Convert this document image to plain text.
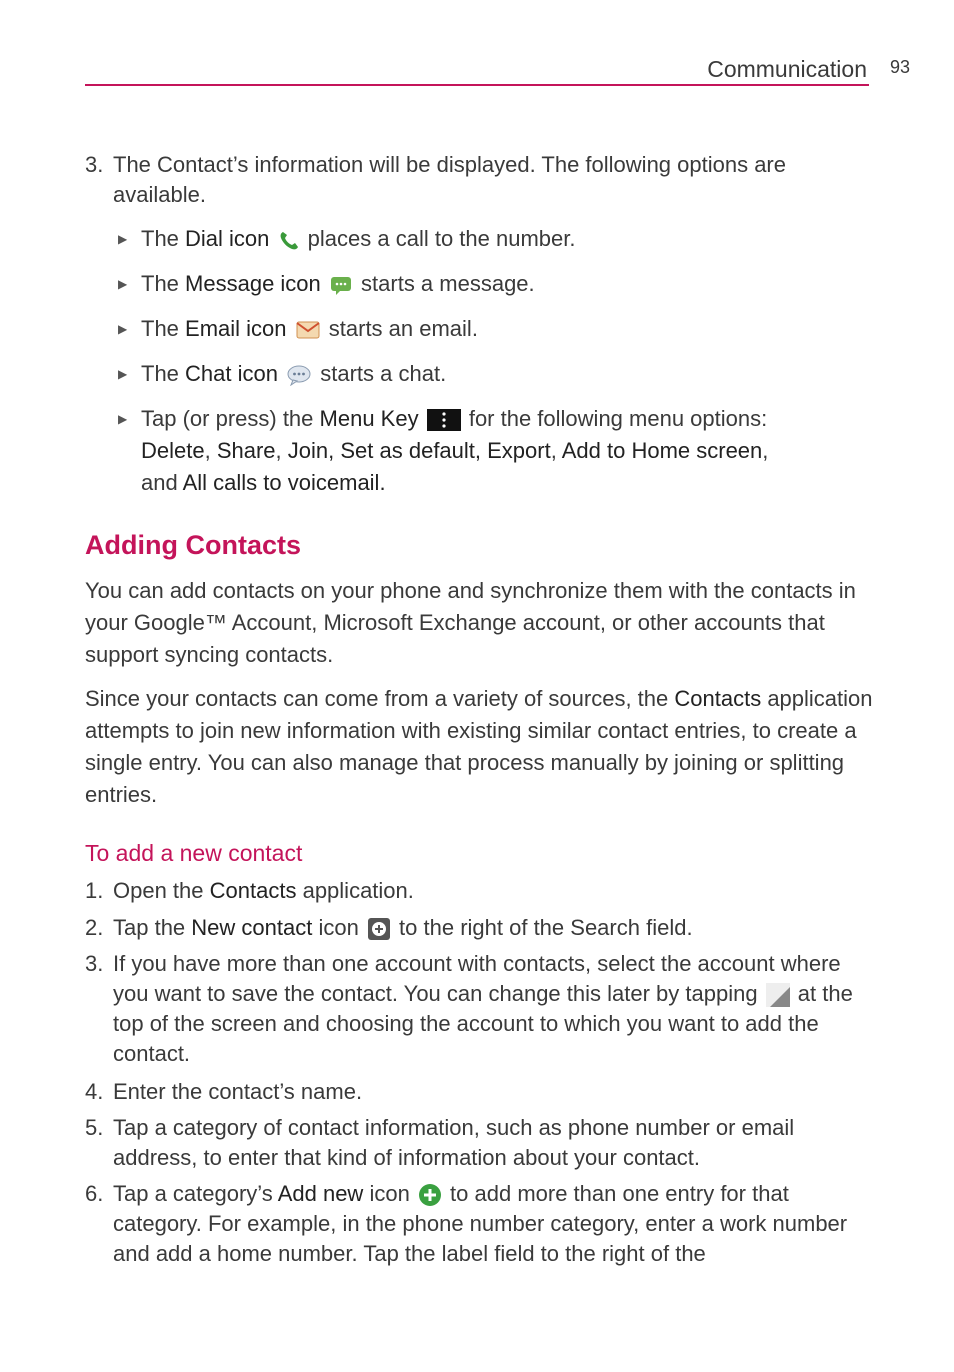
Communication 93
3. The Contact’s information will be displayed. The following options are available.
▶ The Dial icon  places a call to the number.
▶ The Message icon  starts a message.
▶ The Email icon  starts an email.
▶ The Chat icon  starts a chat.
▶ Tap (or press) the Menu Key  for the following menu options:
Delete, Share, Join, Set as default, Export, Add to Home screen,
and All calls to voicemail.
Adding Contacts
You can add contacts on your phone and synchronize them with the contacts in your Google™ Account, Microsoft Exchange account, or other accounts that support syncing contacts.
Since your contacts can come from a variety of sources, the Contacts application attempts to join new information with existing similar contact entries, to create a single entry. You can also manage that process manually by joining or splitting entries.
To add a new contact
1. Open the Contacts application.
2. Tap the New contact icon  to the right of the Search field.
3. If you have more than one account with contacts, select the account where you want to save the contact. You can change this later by tapping  at the top of the screen and choosing the account to which you want to add the contact.
4. Enter the contact’s name.
5. Tap a category of contact information, such as phone number or email address, to enter that kind of information about your contact.
6. Tap a category’s Add new icon  to add more than one entry for that category. For example, in the phone number category, enter a work number and add a home number. Tap the label field to the right of the
